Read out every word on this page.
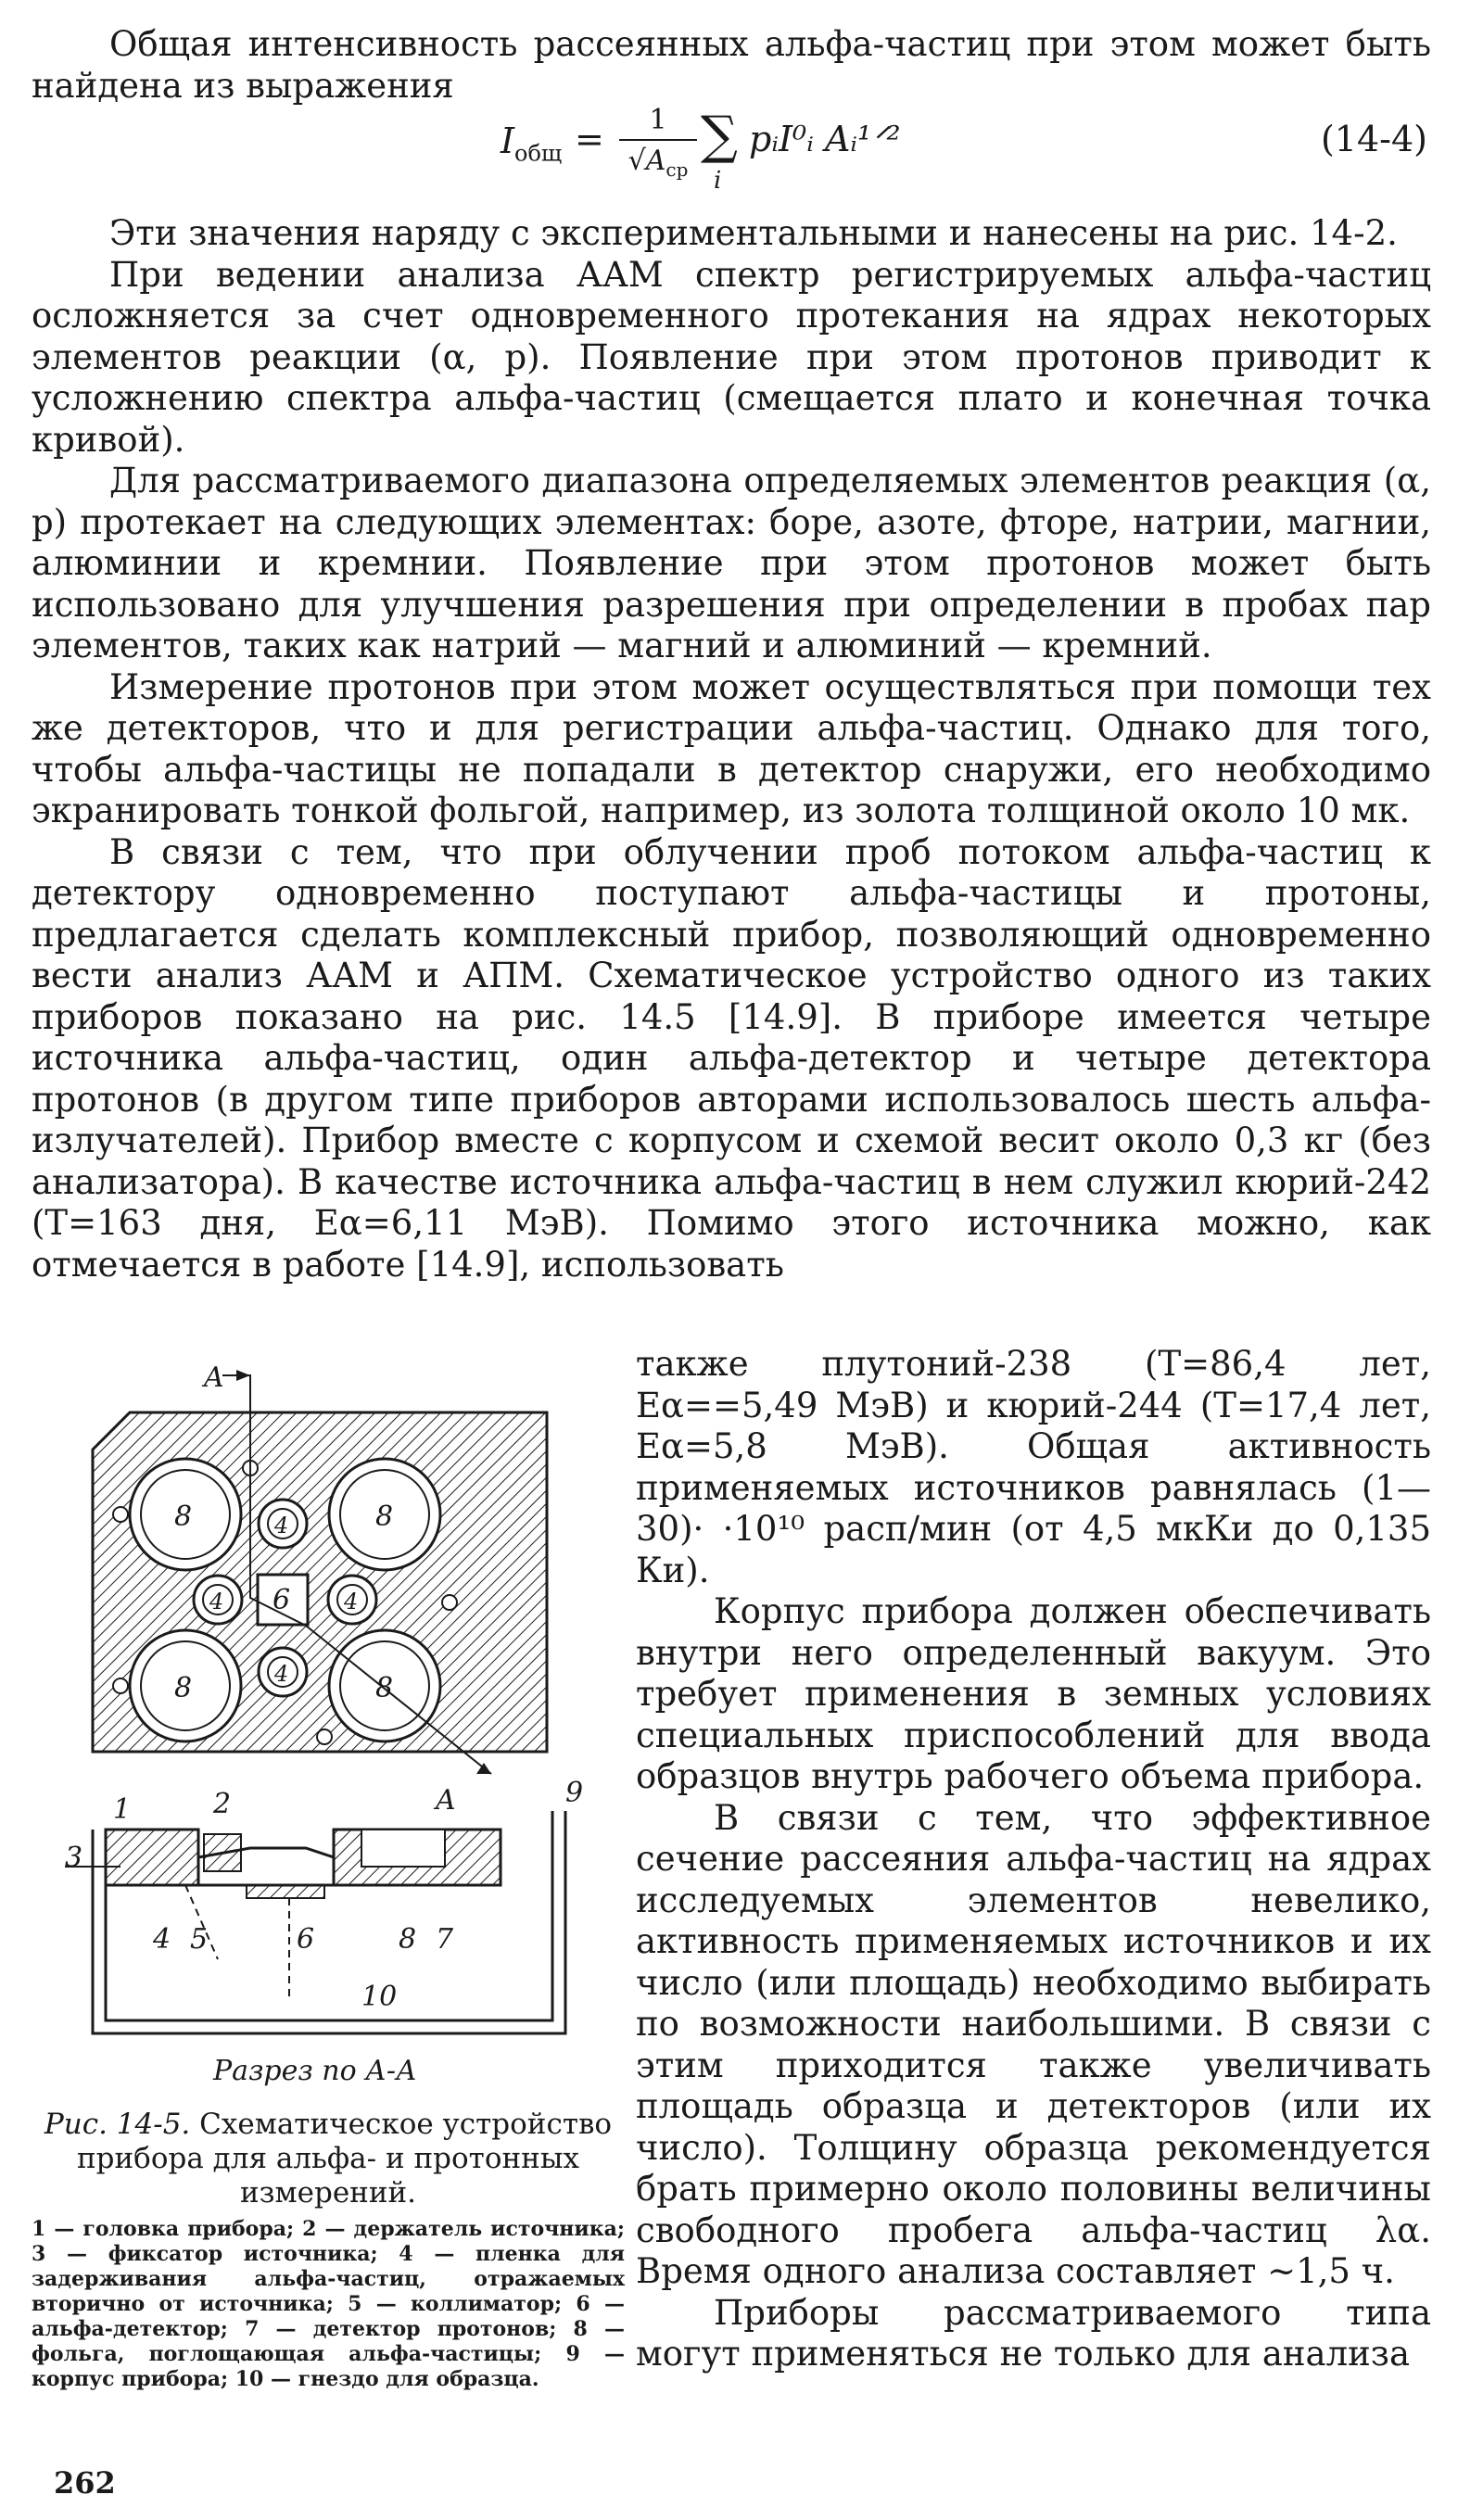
Общая интенсивность рассеянных альфа-частиц при этом может быть найдена из выражения

$I_{общ}$ =	1
$√A_{ср}$
∑
i
pᵢI⁰ᵢ Aᵢ¹ᐟ²	(14-4)

Эти значения наряду с экспериментальными и нанесены на рис. 14-2.

При ведении анализа ААМ спектр регистрируемых альфа-частиц осложняется за счет одновременного протекания на ядрах некоторых элементов реакции (α, p). Появление при этом протонов приводит к усложнению спектра альфа-частиц (смещается плато и конечная точка кривой).

Для рассматриваемого диапазона определяемых элементов реакция (α, p) протекает на следующих элементах: боре, азоте, фторе, натрии, магнии, алюминии и кремнии. Появление при этом протонов может быть использовано для улучшения разрешения при определении в пробах пар элементов, таких как натрий — магний и алюминий — кремний.

Измерение протонов при этом может осуществляться при помощи тех же детекторов, что и для регистрации альфа-частиц. Однако для того, чтобы альфа-частицы не попадали в детектор снаружи, его необходимо экранировать тонкой фольгой, например, из золота толщиной около 10 мк.

В связи с тем, что при облучении проб потоком альфа-частиц к детектору одновременно поступают альфа-частицы и протоны, предлагается сделать комплексный прибор, позволяющий одновременно вести анализ ААМ и АПМ. Схематическое устройство одного из таких приборов показано на рис. 14.5 [14.9]. В приборе имеется четыре источника альфа-частиц, один альфа-детектор и четыре детектора протонов (в другом типе приборов авторами использовалось шесть альфа-излучателей). Прибор вместе с корпусом и схемой весит около 0,3 кг (без анализатора). В качестве источника альфа-частиц в нем служил кюрий-242 (T=163 дня, Eα=6,11 МэВ). Помимо этого источника можно, как отмечается в работе [14.9], использовать

также плутоний-238 (T=86,4 лет, Eα==5,49 МэВ) и кюрий-244 (T=17,4 лет, Eα=5,8 МэВ). Общая активность применяемых источников равнялась (1—30)· ·10¹⁰ расп/мин (от 4,5 мкКи до 0,135 Ки).

Корпус прибора должен обеспечивать внутри него определенный вакуум. Это требует применения в земных условиях специальных приспособлений для ввода образцов внутрь рабочего объема прибора.

В связи с тем, что эффективное сечение рассеяния альфа-частиц на ядрах исследуемых элементов невелико, активность применяемых источников и их число (или площадь) необходимо выбирать по возможности наибольшими. В связи с этим приходится также увеличивать площадь образца и детекторов (или их число). Толщину образца рекомендуется брать примерно около половины величины свободного пробега альфа-частиц λα. Время одного анализа составляет ~1,5 ч.

Приборы рассматриваемого типа могут применяться не только для анализа

A
A
8	8
8	8
4
4	4
4
6
1	2
3
4 5	6	8 7
9
10
Разрез по А-А
Рис. 14-5. Схематическое устройство прибора для альфа- и протонных измерений.
1 — головка прибора; 2 — держатель источника; 3 — фиксатор источника; 4 — пленка для задерживания альфа-частиц, отражаемых вторично от источника; 5 — коллиматор; 6 — альфа-детектор; 7 — детектор протонов; 8 — фольга, поглощающая альфа-частицы; 9 — корпус прибора; 10 — гнездо для образца.
262
